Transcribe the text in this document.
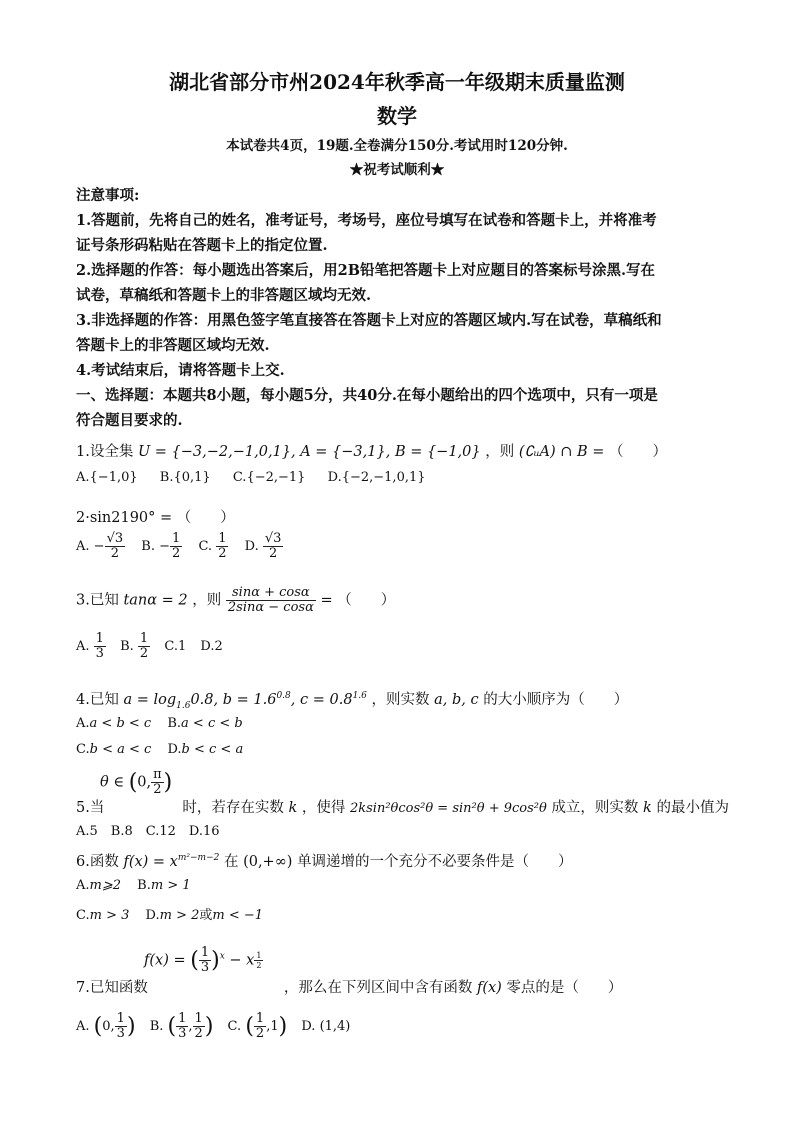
湖北省部分市州2024年秋季高一年级期末质量监测
数学
本试卷共4页，19题.全卷满分150分.考试用时120分钟.
★祝考试顺利★
注意事项:
1.答题前，先将自己的姓名，准考证号，考场号，座位号填写在试卷和答题卡上，并将准考
证号条形码粘贴在答题卡上的指定位置.
2.选择题的作答：每小题选出答案后，用2B铅笔把答题卡上对应题目的答案标号涂黑.写在
试卷，草稿纸和答题卡上的非答题区域均无效.
3.非选择题的作答：用黑色签字笔直接答在答题卡上对应的答题区域内.写在试卷，草稿纸和
答题卡上的非答题区域均无效.
4.考试结束后，请将答题卡上交.
一、选择题：本题共8小题，每小题5分，共40分.在每小题给出的四个选项中，只有一项是
符合题目要求的.
1.设全集 U = {−3,−2,−1,0,1}, A = {−3,1}, B = {−1,0} ，则 (∁ᵤA) ∩ B = （　　）
A.{−1,0} B.{0,1} C.{−2,−1} D.{−2,−1,0,1}
2·sin2190° = （　　）
A. − $\frac{√3}{2} B$. − $\frac{1}{2} C$. $\frac{1}{2} D$. $\frac{√3}{2}$
3.已知 tanα = 2 ，则 $\frac{\sin\alpha + \cos\alpha}{2\sin\alpha - \cos\alpha}$ = （　　）
A. $\frac{1}{3} B$. $\frac{1}{2} C.1$ D.2
4.已知 $a = \log_{1.6}0.8$, $b = 1.6^{0.8}$, $c = 0.8^{1.6}$ ，则实数 a, b, c 的大小顺序为（　　）
A.a < b < c B.a < c < b
C.b < a < c D.b < c < a
θ ∈ (0, $\frac{\pi}{2}$ )
5.当	时，若存在实数 k ，使得 2ksin²θcos²θ = sin²θ + 9cos²θ 成立，则实数 k 的最小值为
A.5　B.8　C.12　D.16
6.函数 $f(x) = x^{m^2-m-2}$ 在 (0,+∞) 单调递增的一个充分不必要条件是（　　）
A.m⩾2 B.m > 1
C.m > 3 D.m > 2或m < −1
f(x) = ( $\frac{1}{3} )^x - x \frac{1}{2}$
7.已知函数	，那么在下列区间中含有函数 f(x) 零点的是（　　）
A. (0, $\frac{1}{3}$ ) B. ( $\frac{1}{3}$ , $\frac{1}{2}$ ) C. ( $\frac{1}{2} ,1$) D. (1,4)
